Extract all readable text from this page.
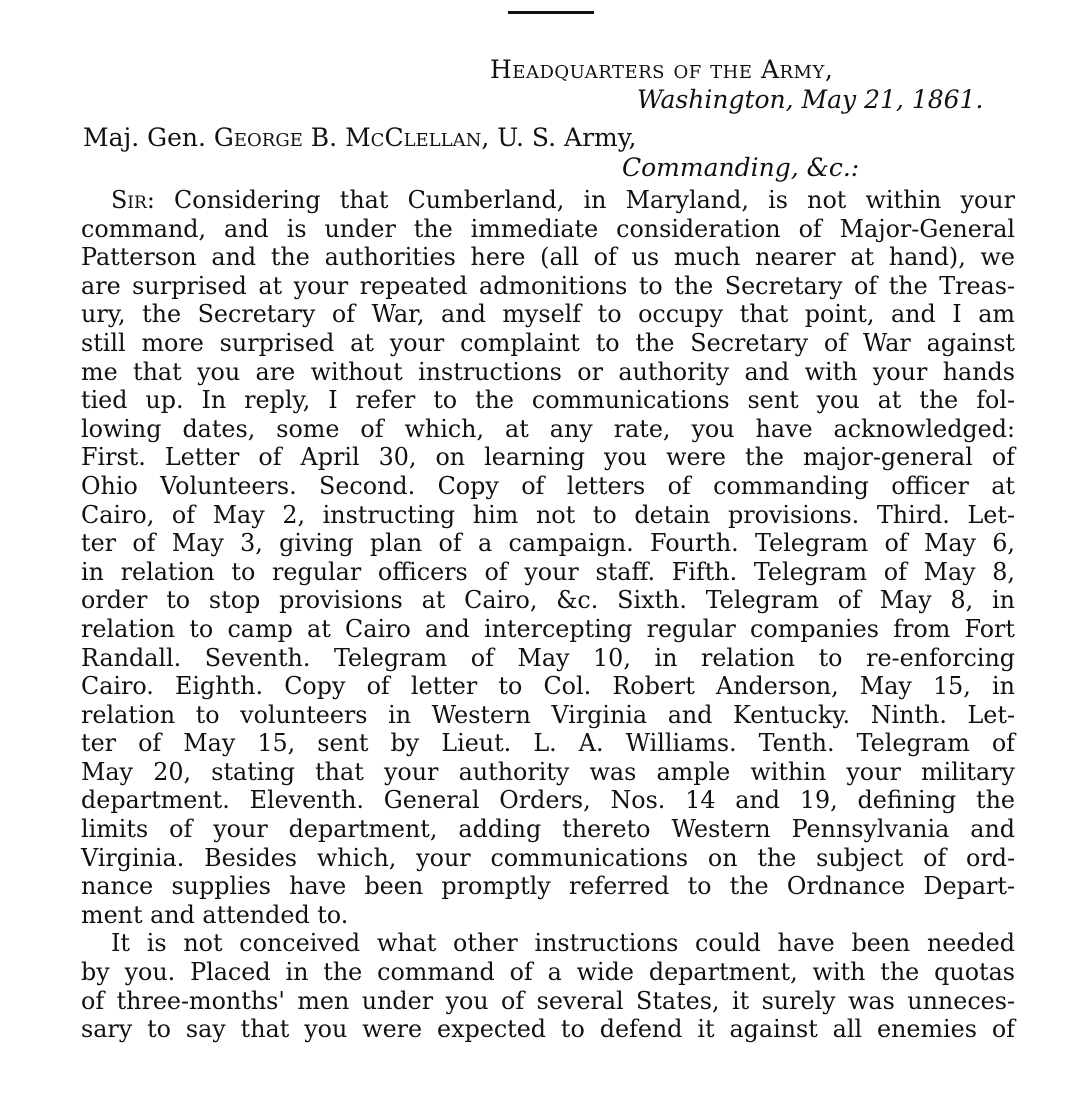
Headquarters of the Army,
Washington, May 21, 1861.
Maj. Gen. George B. McClellan, U. S. Army,
Commanding, &c.:
Sir: Considering that Cumberland, in Maryland, is not within your
command, and is under the immediate consideration of Major-General
Patterson and the authorities here (all of us much nearer at hand), we
are surprised at your repeated admonitions to the Secretary of the Treas-
ury, the Secretary of War, and myself to occupy that point, and I am
still more surprised at your complaint to the Secretary of War against
me that you are without instructions or authority and with your hands
tied up. In reply, I refer to the communications sent you at the fol-
lowing dates, some of which, at any rate, you have acknowledged:
First. Letter of April 30, on learning you were the major-general of
Ohio Volunteers. Second. Copy of letters of commanding officer at
Cairo, of May 2, instructing him not to detain provisions. Third. Let-
ter of May 3, giving plan of a campaign. Fourth. Telegram of May 6,
in relation to regular officers of your staff. Fifth. Telegram of May 8,
order to stop provisions at Cairo, &c. Sixth. Telegram of May 8, in
relation to camp at Cairo and intercepting regular companies from Fort
Randall. Seventh. Telegram of May 10, in relation to re-enforcing
Cairo. Eighth. Copy of letter to Col. Robert Anderson, May 15, in
relation to volunteers in Western Virginia and Kentucky. Ninth. Let-
ter of May 15, sent by Lieut. L. A. Williams. Tenth. Telegram of
May 20, stating that your authority was ample within your military
department. Eleventh. General Orders, Nos. 14 and 19, defining the
limits of your department, adding thereto Western Pennsylvania and
Virginia. Besides which, your communications on the subject of ord-
nance supplies have been promptly referred to the Ordnance Depart-
ment and attended to.
It is not conceived what other instructions could have been needed
by you. Placed in the command of a wide department, with the quotas
of three-months' men under you of several States, it surely was unneces-
sary to say that you were expected to defend it against all enemies of
